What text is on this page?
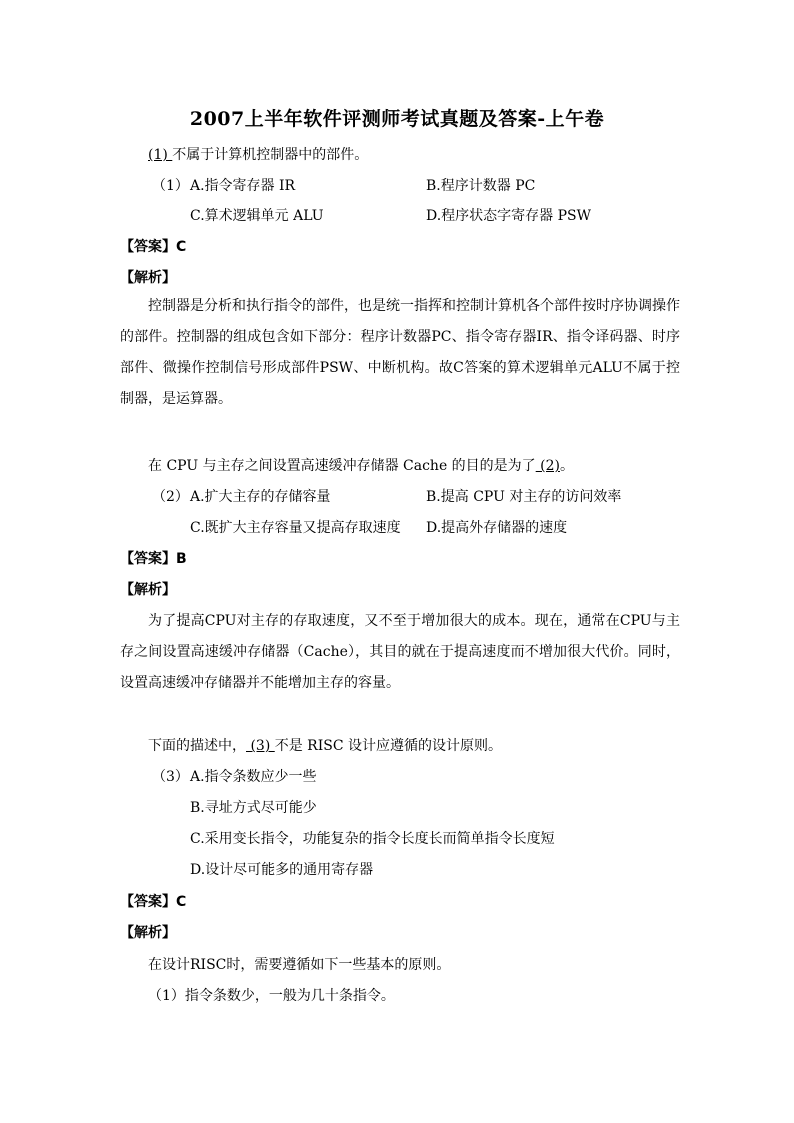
2007上半年软件评测师考试真题及答案-上午卷
(1) 不属于计算机控制器中的部件。
（1） A.指令寄存器 IR	B.程序计数器 PC
C.算术逻辑单元 ALU	D.程序状态字寄存器 PSW
【答案】C
【解析】

控制器是分析和执行指令的部件，也是统一指挥和控制计算机各个部件按时序协调操作的部件。控制器的组成包含如下部分：程序计数器PC、指令寄存器IR、指令译码器、时序部件、微操作控制信号形成部件PSW、中断机构。故C答案的算术逻辑单元ALU不属于控制器，是运算器。

在 CPU 与主存之间设置高速缓冲存储器 Cache 的目的是为了 (2)。
（2） A.扩大主存的存储容量	B.提高 CPU 对主存的访问效率
C.既扩大主存容量又提高存取速度 D.提高外存储器的速度
【答案】B
【解析】

为了提高CPU对主存的存取速度，又不至于增加很大的成本。现在，通常在CPU与主存之间设置高速缓冲存储器（Cache），其目的就在于提高速度而不增加很大代价。同时，设置高速缓冲存储器并不能增加主存的容量。

下面的描述中， (3) 不是 RISC 设计应遵循的设计原则。
（3） A.指令条数应少一些
B.寻址方式尽可能少
C.采用变长指令，功能复杂的指令长度长而简单指令长度短
D.设计尽可能多的通用寄存器
【答案】C
【解析】
在设计RISC时，需要遵循如下一些基本的原则。
（1）指令条数少，一般为几十条指令。
